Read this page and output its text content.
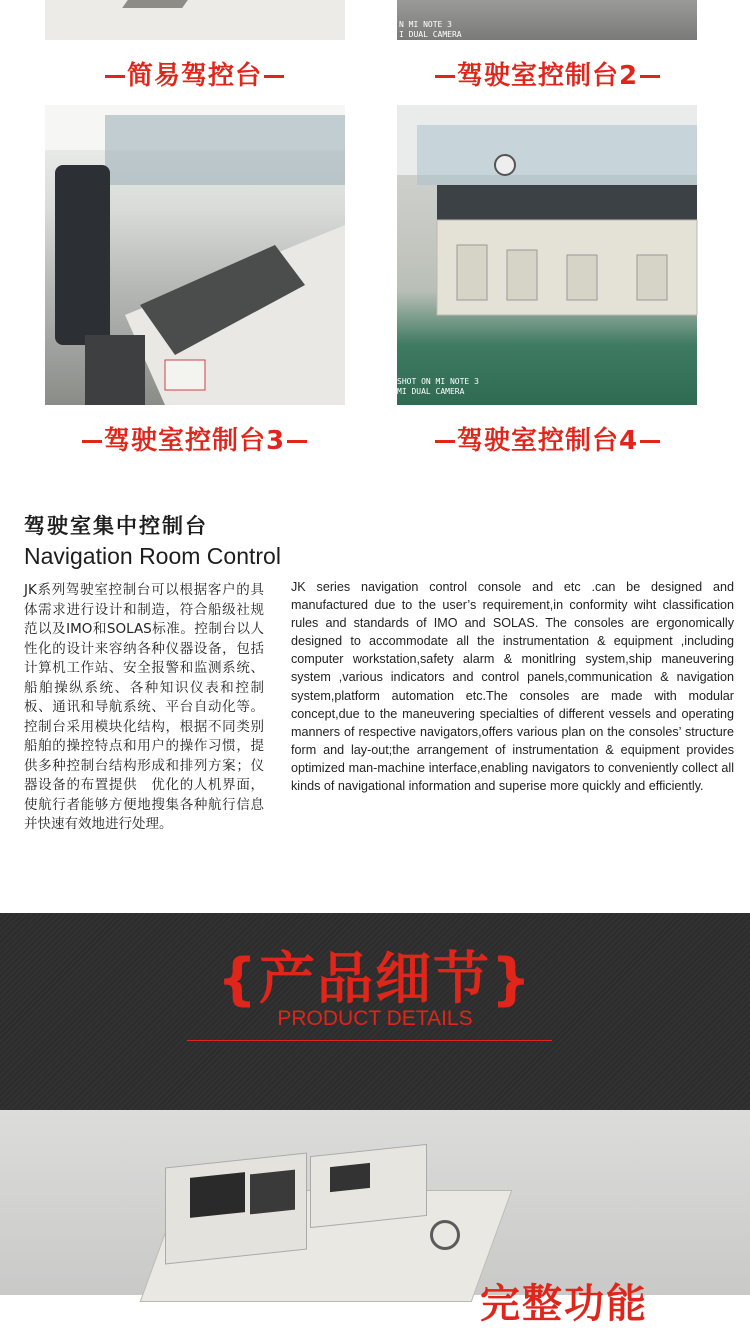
N MI NOTE 3
I DUAL CAMERA
简易驾控台	驾驶室控制台2
SHOT ON MI NOTE 3
MI DUAL CAMERA
驾驶室控制台3	驾驶室控制台4
驾驶室集中控制台
Navigation Room Control
JK系列驾驶室控制台可以根据客户的具体需求进行设计和制造，符合船级社规范以及IMO和SOLAS标准。控制台以人性化的设计来容纳各种仪器设备，包括计算机工作站、安全报警和监测系统、船舶操纵系统、各种知识仪表和控制板、通讯和导航系统、平台自动化等。控制台采用模块化结构，根据不同类别船舶的操控特点和用户的操作习惯，提供多种控制台结构形成和排列方案；仪器设备的布置提供　优化的人机界面，使航行者能够方便地搜集各种航行信息并快速有效地进行处理。
JK series navigation control console and etc .can be designed and manufactured due to the user’s requirement,in conformity wiht classification rules and standards of IMO and SOLAS. The consoles are ergonomically designed to accommodate all the instrumentation & equipment ,including computer workstation,safety alarm & monitlring system,ship maneuvering system ,various indicators and control panels,communication & navigation system,platform automation etc.The consoles are made with modular concept,due to the maneuvering specialties of different vessels and operating manners of respective navigators,offers various plan on the consoles’ structure form and lay-out;the arrangement of instrumentation & equipment provides optimized man-machine interface,enabling navigators to conveniently collect all kinds of navigational information and superise more quickly and efficiently.
{产品细节}
PRODUCT DETAILS
完整功能
